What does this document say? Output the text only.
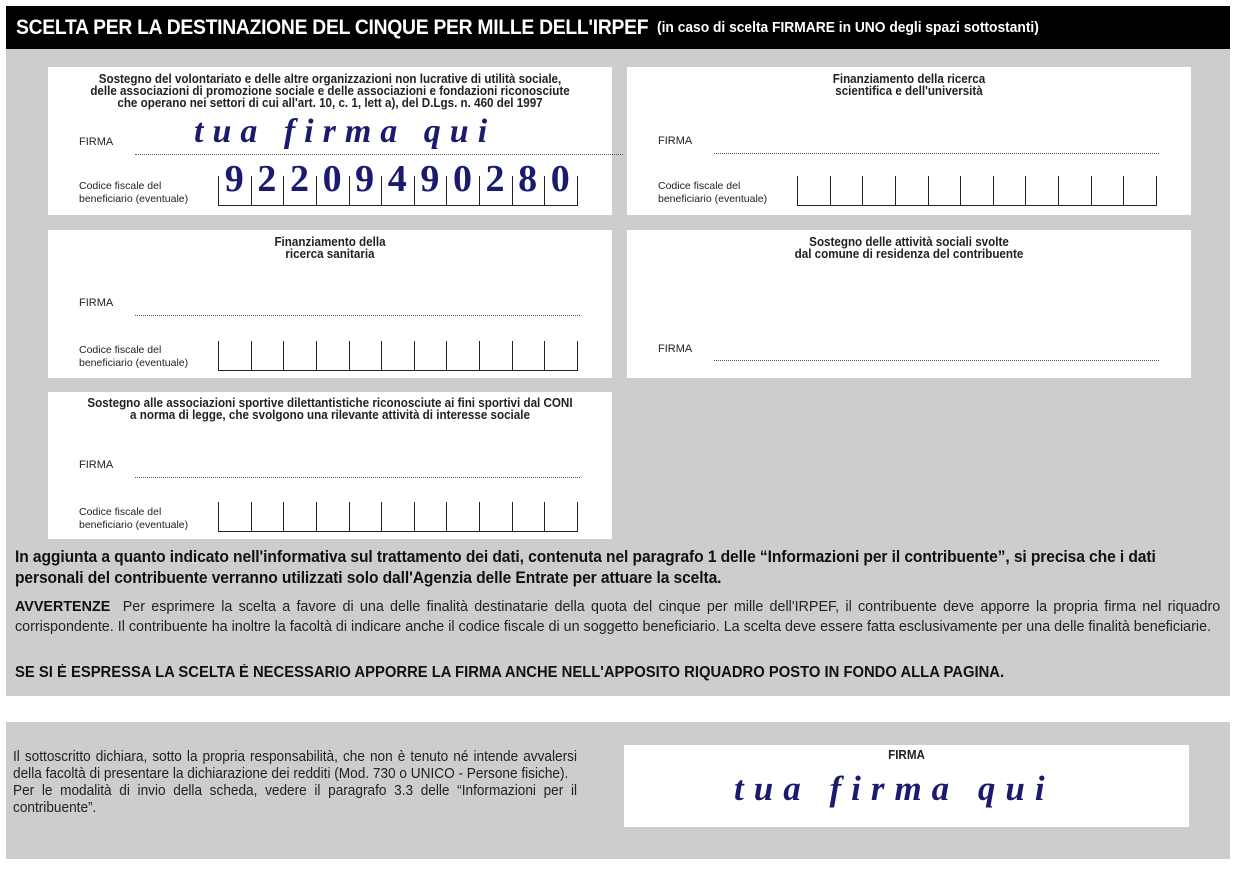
SCELTA PER LA DESTINAZIONE DEL CINQUE PER MILLE DELL'IRPEF (in caso di scelta FIRMARE in UNO degli spazi sottostanti)
Sostegno del volontariato e delle altre organizzazioni non lucrative di utilità sociale,
delle associazioni di promozione sociale e delle associazioni e fondazioni riconosciute
che operano nei settori di cui all'art. 10, c. 1, lett a), del D.Lgs. n. 460 del 1997
FIRMA tua firma qui
Codice fiscale del
beneficiario (eventuale) 9 2 2 0 9 4 9 0 2 8 0
Finanziamento della ricerca
scientifica e dell'università
FIRMA
Codice fiscale del
beneficiario (eventuale)
Finanziamento della
ricerca sanitaria
FIRMA
Codice fiscale del
beneficiario (eventuale)
Sostegno delle attività sociali svolte
dal comune di residenza del contribuente
FIRMA
Sostegno alle associazioni sportive dilettantistiche riconosciute ai fini sportivi dal CONI
a norma di legge, che svolgono una rilevante attività di interesse sociale
FIRMA
Codice fiscale del
beneficiario (eventuale)
In aggiunta a quanto indicato nell'informativa sul trattamento dei dati, contenuta nel paragrafo 1 delle “Informazioni per il contribuente”, si precisa che i dati personali del contribuente verranno utilizzati solo dall'Agenzia delle Entrate per attuare la scelta.
AVVERTENZE Per esprimere la scelta a favore di una delle finalità destinatarie della quota del cinque per mille dell'IRPEF, il contribuente deve apporre la propria firma nel riquadro corrispondente. Il contribuente ha inoltre la facoltà di indicare anche il codice fiscale di un soggetto beneficiario. La scelta deve essere fatta esclusivamente per una delle finalità beneficiarie.
SE SI È ESPRESSA LA SCELTA È NECESSARIO APPORRE LA FIRMA ANCHE NELL'APPOSITO RIQUADRO POSTO IN FONDO ALLA PAGINA.

Il sottoscritto dichiara, sotto la propria responsabilità, che non è tenuto né intende avvalersi della facoltà di presentare la dichiarazione dei redditi (Mod. 730 o UNICO - Persone fisiche).

Per le modalità di invio della scheda, vedere il paragrafo 3.3 delle “Informazioni per il contribuente”.

FIRMA
tua firma qui
